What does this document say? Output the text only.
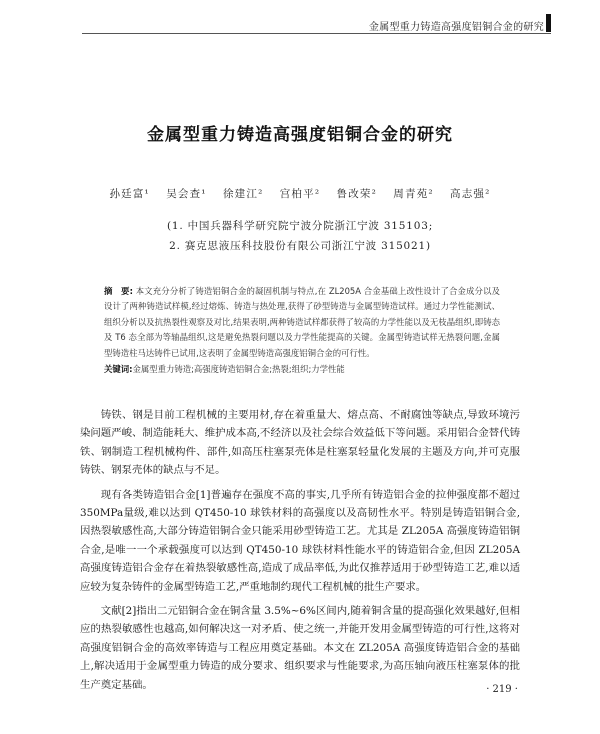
金属型重力铸造高强度铝铜合金的研究
金属型重力铸造高强度铝铜合金的研究
孙廷富¹　 吴会查¹　 徐建江²　 宫柏平²　 鲁改荣²　 周青苑²　 高志强²
(1. 中国兵器科学研究院宁波分院浙江宁波 315103;
2. 赛克思液压科技股份有限公司浙江宁波 315021)
摘　要: 本文充分分析了铸造铝铜合金的凝固机制与特点,在 ZL205A 合金基础上改性设计了合金成分以及设计了两种铸造试样模,经过熔炼、铸造与热处理,获得了砂型铸造与金属型铸造试样。通过力学性能测试、组织分析以及抗热裂性观察及对比,结果表明,两种铸造试样都获得了较高的力学性能以及无枝晶组织,即铸态及 T6 态全部为等轴晶组织,这是避免热裂问题以及力学性能提高的关键。金属型铸造试样无热裂问题,金属型铸造柱马达铸件已试用,这表明了金属型铸造高强度铝铜合金的可行性。
关键词:金属型重力铸造;高强度铸造铝铜合金;热裂;组织;力学性能

铸铁、钢是目前工程机械的主要用材,存在着重量大、熔点高、不耐腐蚀等缺点,导致环境污染问题严峻、制造能耗大、维护成本高,不经济以及社会综合效益低下等问题。采用铝合金替代铸铁、钢制造工程机械构件、部件,如高压柱塞泵壳体是柱塞泵轻量化发展的主题及方向,并可克服铸铁、钢泵壳体的缺点与不足。

现有各类铸造铝合金[1]普遍存在强度不高的事实,几乎所有铸造铝合金的拉伸强度都不超过350MPa量级,难以达到 QT450-10 球铁材料的高强度以及高韧性水平。特别是铸造铝铜合金,因热裂敏感性高,大部分铸造铝铜合金只能采用砂型铸造工艺。尤其是 ZL205A 高强度铸造铝铜合金,是唯一一个承载强度可以达到 QT450-10 球铁材料性能水平的铸造铝合金,但因 ZL205A 高强度铸造铝合金存在着热裂敏感性高,造成了成品率低,为此仅推荐适用于砂型铸造工艺,难以适应较为复杂铸件的金属型铸造工艺,严重地制约现代工程机械的批生产要求。

文献[2]指出二元铝铜合金在铜含量 3.5%~6%区间内,随着铜含量的提高强化效果越好,但相应的热裂敏感性也越高,如何解决这一对矛盾、使之统一,并能开发用金属型铸造的可行性,这将对高强度铝铜合金的高效率铸造与工程应用奠定基础。本文在 ZL205A 高强度铸造铝合金的基础上,解决适用于金属型重力铸造的成分要求、组织要求与性能要求,为高压轴向液压柱塞泵体的批生产奠定基础。	· 219 ·
